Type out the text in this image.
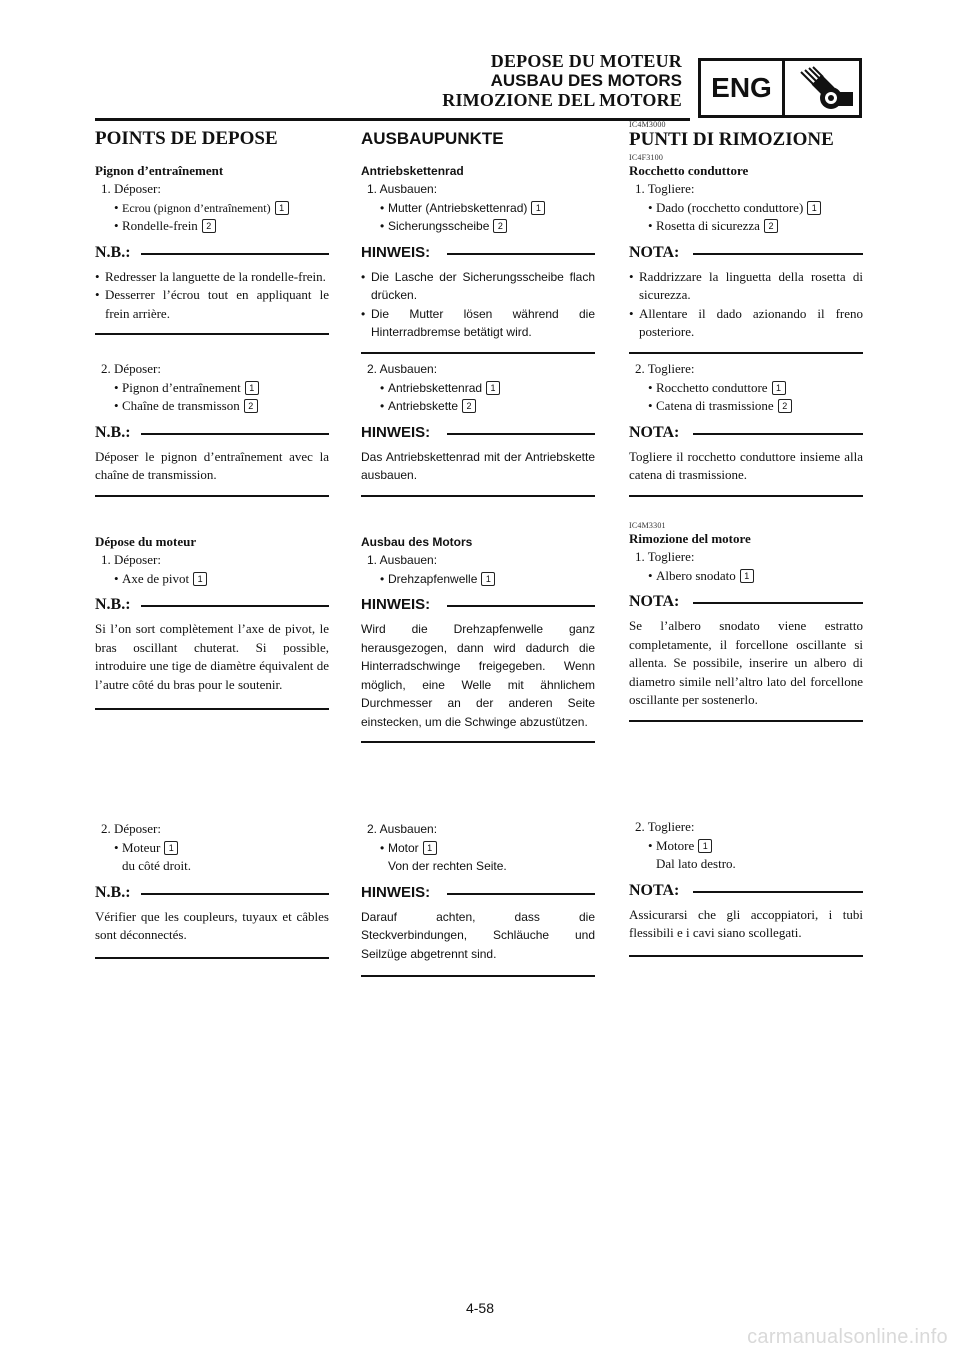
DEPOSE DU MOTEUR
AUSBAU DES MOTORS
RIMOZIONE DEL MOTORE	ENG
POINTS DE DEPOSE
Pignon d’entraînement
1. Déposer:
• Ecrou (pignon d’entraînement) 1
• Rondelle-frein 2
N.B.:
• Redresser la languette de la rondelle-frein.
• Desserrer l’écrou tout en appliquant le frein arrière.
2. Déposer:
• Pignon d’entraînement 1
• Chaîne de transmisson 2
N.B.:
Déposer le pignon d’entraînement avec la chaîne de transmission.
Dépose du moteur
1. Déposer:
• Axe de pivot 1
N.B.:
Si l’on sort complètement l’axe de pivot, le bras oscillant chuterat. Si possible, introduire une tige de diamètre équivalent de l’autre côté du bras pour le soutenir.
2. Déposer:
• Moteur 1
du côté droit.
N.B.:
Vérifier que les coupleurs, tuyaux et câbles sont déconnectés.
AUSBAUPUNKTE
Antriebskettenrad
1. Ausbauen:
• Mutter (Antriebskettenrad) 1
• Sicherungsscheibe 2
HINWEIS:
• Die Lasche der Sicherungsscheibe flach drücken.
• Die Mutter lösen während die Hinterradbremse betätigt wird.
2. Ausbauen:
• Antriebskettenrad 1
• Antriebskette 2
HINWEIS:
Das Antriebskettenrad mit der Antriebskette ausbauen.
Ausbau des Motors
1. Ausbauen:
• Drehzapfenwelle 1
HINWEIS:
Wird die Drehzapfenwelle ganz herausgezogen, dann wird dadurch die Hinterradschwinge freigegeben. Wenn möglich, eine Welle mit ähnlichem Durchmesser an der anderen Seite einstecken, um die Schwinge abzustützen.
2. Ausbauen:
• Motor 1
Von der rechten Seite.
HINWEIS:
Darauf achten, dass die Steckverbindungen, Schläuche und Seilzüge abgetrennt sind.
IC4M3000
PUNTI DI RIMOZIONE
IC4F3100
Rocchetto conduttore
1. Togliere:
• Dado (rocchetto conduttore) 1
• Rosetta di sicurezza 2
NOTA:
• Raddrizzare la linguetta della rosetta di sicurezza.
• Allentare il dado azionando il freno posteriore.
2. Togliere:
• Rocchetto conduttore 1
• Catena di trasmissione 2
NOTA:
Togliere il rocchetto conduttore insieme alla catena di trasmissione.
IC4M3301
Rimozione del motore
1. Togliere:
• Albero snodato 1
NOTA:
Se l’albero snodato viene estratto completamente, il forcellone oscillante si allenta. Se possibile, inserire un albero di diametro simile nell’altro lato del forcellone oscillante per sostenerlo.
2. Togliere:
• Motore 1
Dal lato destro.
NOTA:
Assicurarsi che gli accoppiatori, i tubi flessibili e i cavi siano scollegati.
4-58
carmanualsonline.info
